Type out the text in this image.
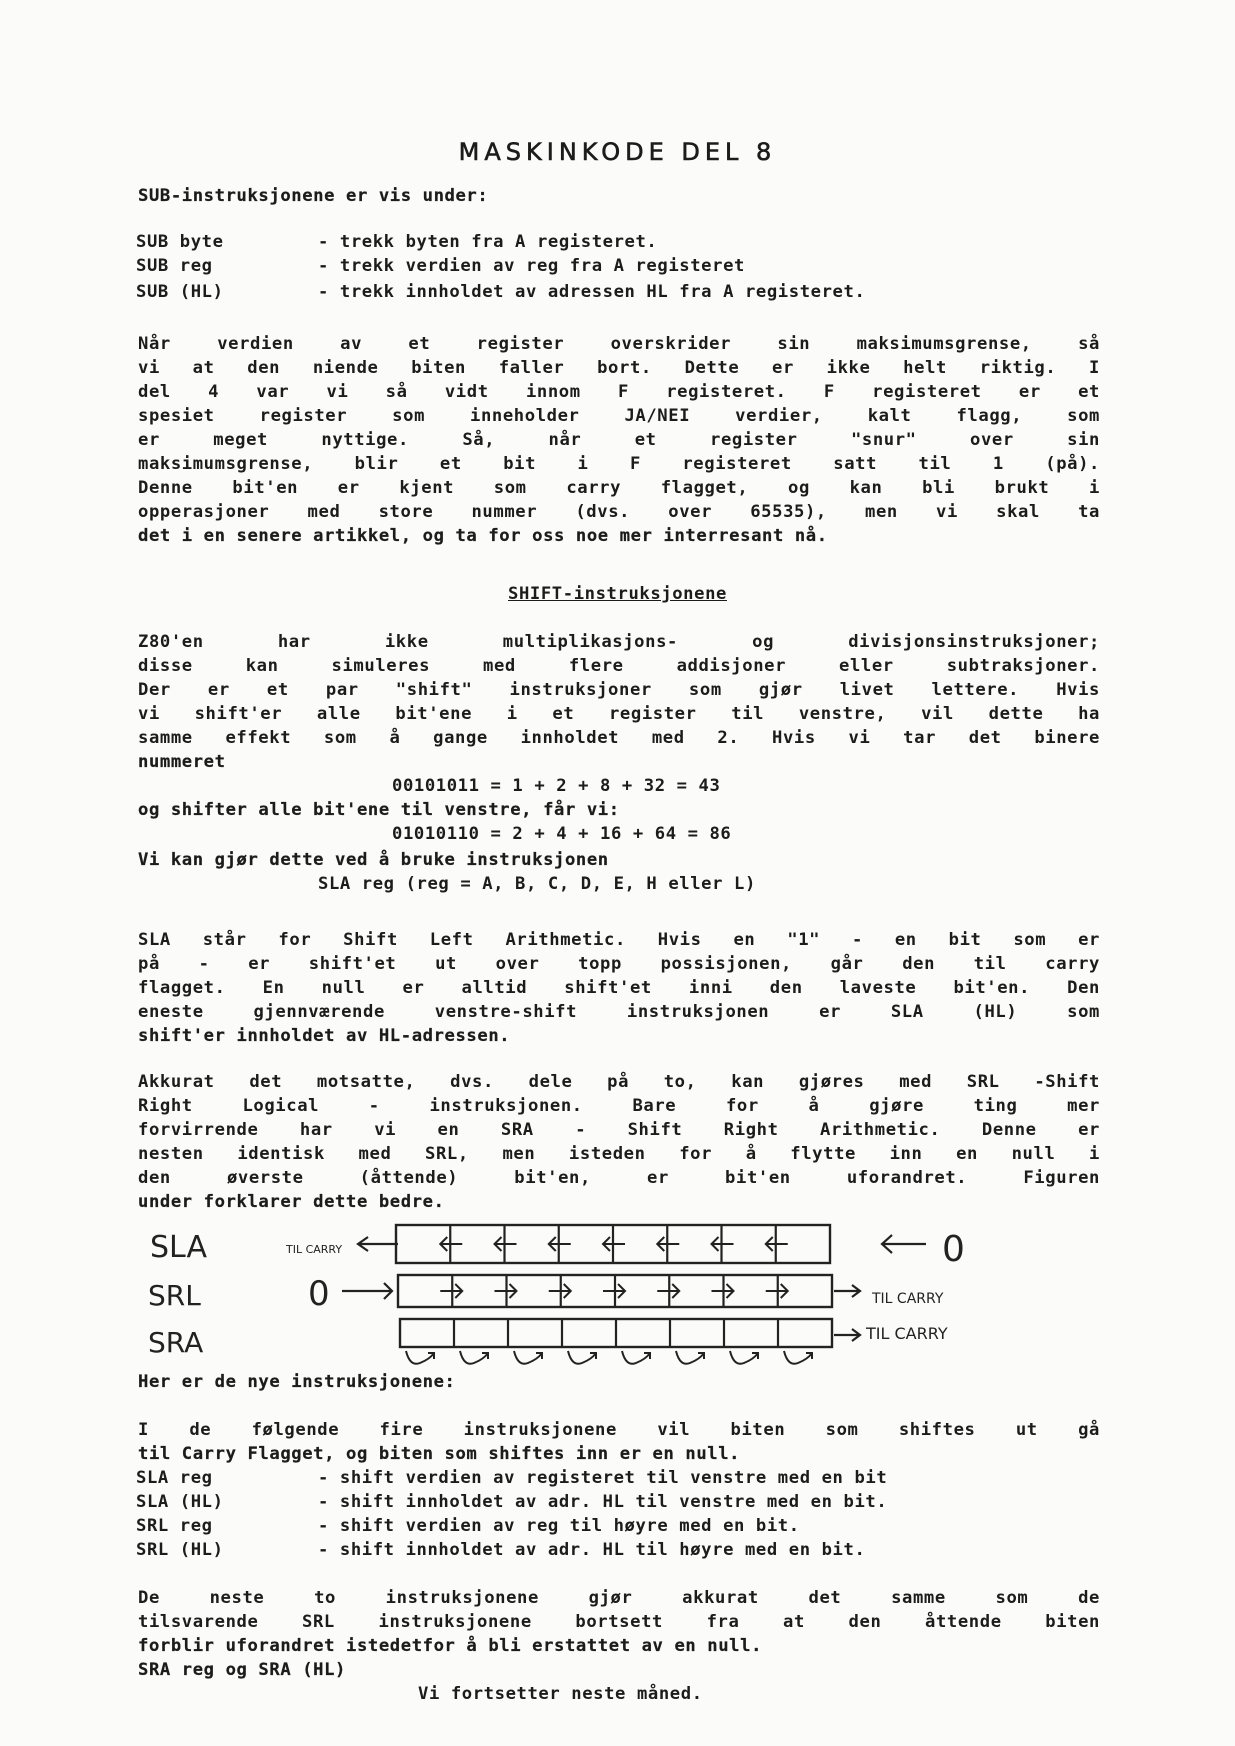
MASKINKODE DEL 8
SUB-instruksjonene er vis under:
SUB byte	- trekk byten fra A registeret.
SUB reg	- trekk verdien av reg fra A registeret
SUB (HL)	- trekk innholdet av adressen HL fra A registeret.
Når verdien av et register overskrider sin maksimumsgrense, så
vi at den niende biten faller bort. Dette er ikke helt riktig. I
del 4 var vi så vidt innom F registeret. F registeret er et
spesiet register som inneholder JA/NEI verdier, kalt flagg, som
er meget nyttige. Så, når et register "snur" over sin
maksimumsgrense, blir et bit i F registeret satt til 1 (på).
Denne bit'en er kjent som carry flagget, og kan bli brukt i
opperasjoner med store nummer (dvs. over 65535), men vi skal ta
det i en senere artikkel, og ta for oss noe mer interresant nå.
SHIFT-instruksjonene
Z80'en har ikke multiplikasjons- og divisjonsinstruksjoner;
disse kan simuleres med flere addisjoner eller subtraksjoner.
Der er et par "shift" instruksjoner som gjør livet lettere. Hvis
vi shift'er alle bit'ene i et register til venstre, vil dette ha
samme effekt som å gange innholdet med 2. Hvis vi tar det binere
nummeret
00101011 = 1 + 2 + 8 + 32 = 43
og shifter alle bit'ene til venstre, får vi:
01010110 = 2 + 4 + 16 + 64 = 86
Vi kan gjør dette ved å bruke instruksjonen
SLA reg (reg = A, B, C, D, E, H eller L)
SLA står for Shift Left Arithmetic. Hvis en "1" - en bit som er
på - er shift'et ut over topp possisjonen, går den til carry
flagget. En null er alltid shift'et inni den laveste bit'en. Den
eneste gjennværende venstre-shift instruksjonen er SLA (HL) som
shift'er innholdet av HL-adressen.
Akkurat det motsatte, dvs. dele på to, kan gjøres med SRL -Shift
Right Logical - instruksjonen. Bare for å gjøre ting mer
forvirrende har vi en SRA - Shift Right Arithmetic. Denne er
nesten identisk med SRL, men isteden for å flytte inn en null i
den øverste (åttende) bit'en, er bit'en uforandret. Figuren
under forklarer dette bedre.
SLA
SRL
SRA
TIL CARRY	0
0	TIL CARRY
TIL CARRY
Her er de nye instruksjonene:
I de følgende fire instruksjonene vil biten som shiftes ut gå
til Carry Flagget, og biten som shiftes inn er en null.
SLA reg	- shift verdien av registeret til venstre med en bit
SLA (HL)	- shift innholdet av adr. HL til venstre med en bit.
SRL reg	- shift verdien av reg til høyre med en bit.
SRL (HL)	- shift innholdet av adr. HL til høyre med en bit.
De neste to instruksjonene gjør akkurat det samme som de
tilsvarende SRL instruksjonene bortsett fra at den åttende biten
forblir uforandret istedetfor å bli erstattet av en null.
SRA reg og SRA (HL)
Vi fortsetter neste måned.
